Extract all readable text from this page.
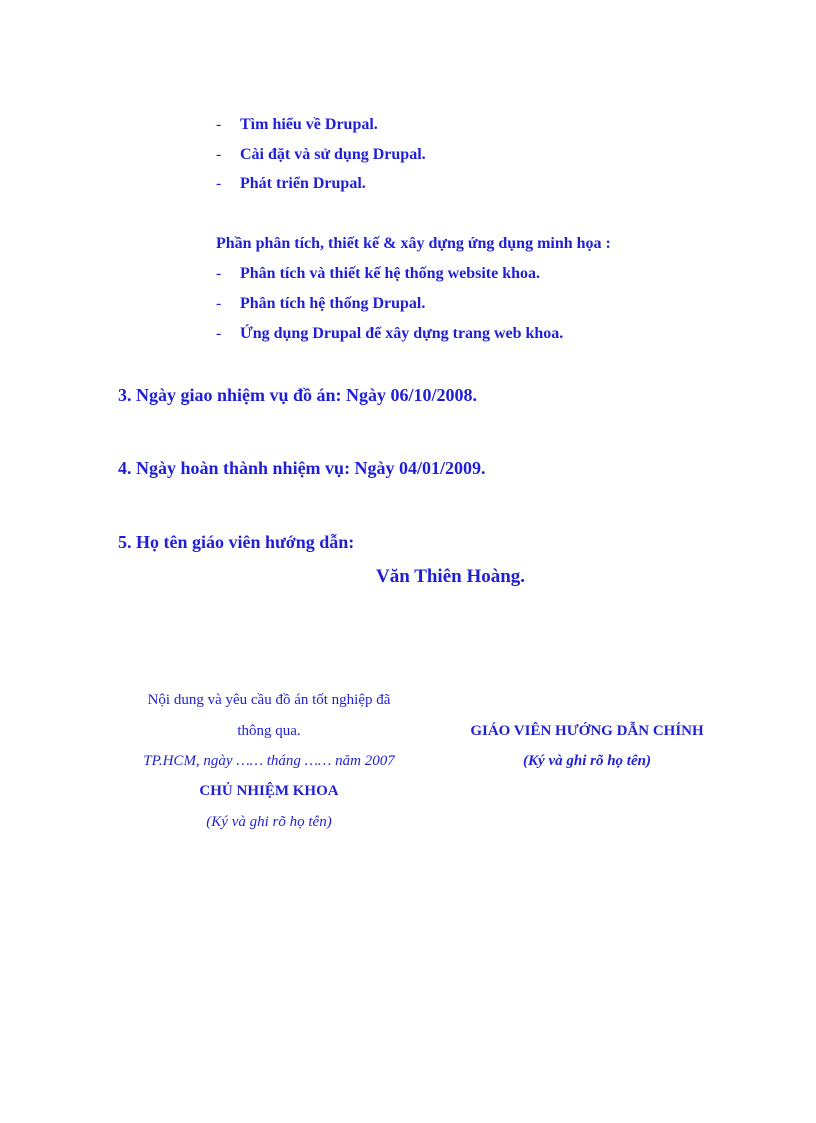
- Tìm hiểu về Drupal.
- Cài đặt và sử dụng Drupal.
- Phát triển Drupal.
Phần phân tích, thiết kế & xây dựng ứng dụng minh họa :
- Phân tích và thiết kế hệ thống website khoa.
- Phân tích hệ thống Drupal.
- Ứng dụng Drupal để xây dựng trang web khoa.
3. Ngày giao nhiệm vụ đồ án: Ngày 06/10/2008.
4. Ngày hoàn thành nhiệm vụ: Ngày 04/01/2009.
5. Họ tên giáo viên hướng dẫn:
Văn Thiên Hoàng.
Nội dung và yêu cầu đồ án tốt nghiệp đã
thông qua.
TP.HCM, ngày …… tháng …… năm 2007
CHỦ NHIỆM KHOA
(Ký và ghi rõ họ tên)
GIÁO VIÊN HƯỚNG DẪN CHÍNH
(Ký và ghi rõ họ tên)
